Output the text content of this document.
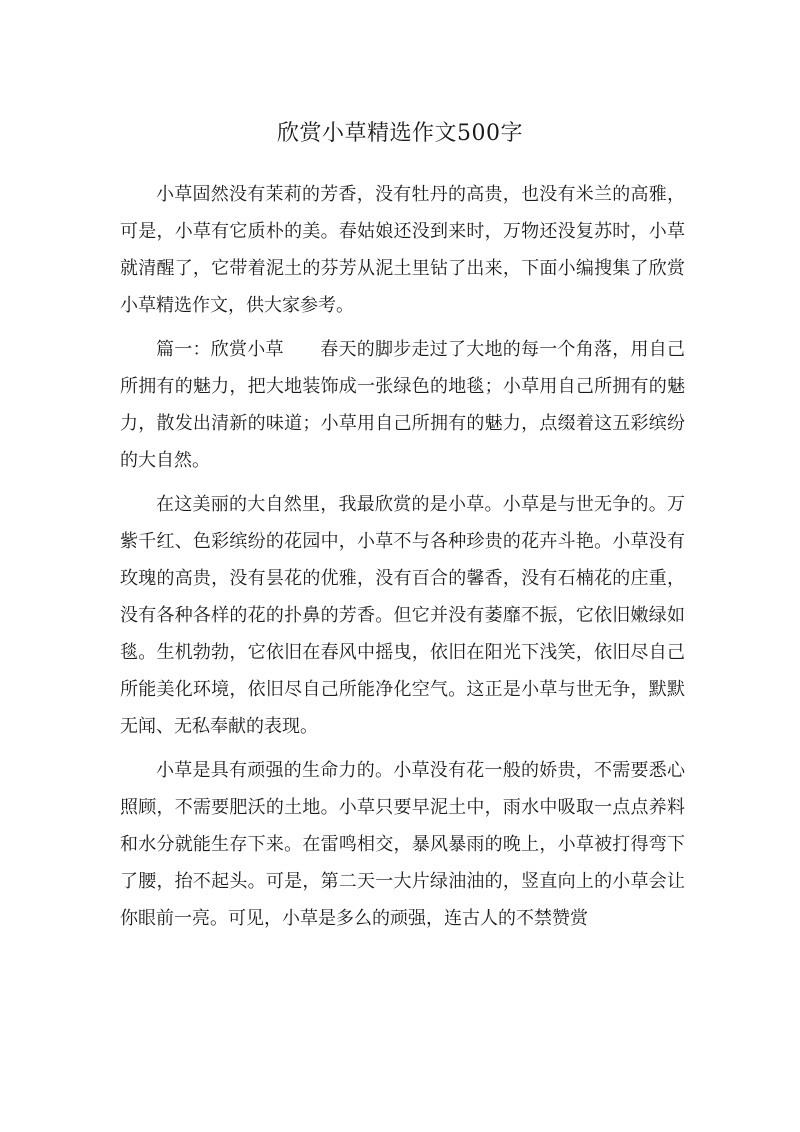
欣赏小草精选作文500字

小草固然没有茉莉的芳香，没有牡丹的高贵，也没有米兰的高雅，可是，小草有它质朴的美。春姑娘还没到来时，万物还没复苏时，小草就清醒了，它带着泥土的芬芳从泥土里钻了出来，下面小编搜集了欣赏小草精选作文，供大家参考。

篇一：欣赏小草　　春天的脚步走过了大地的每一个角落，用自己所拥有的魅力，把大地装饰成一张绿色的地毯；小草用自己所拥有的魅力，散发出清新的味道；小草用自己所拥有的魅力，点缀着这五彩缤纷的大自然。

在这美丽的大自然里，我最欣赏的是小草。小草是与世无争的。万紫千红、色彩缤纷的花园中，小草不与各种珍贵的花卉斗艳。小草没有玫瑰的高贵，没有昙花的优雅，没有百合的馨香，没有石楠花的庄重，没有各种各样的花的扑鼻的芳香。但它并没有萎靡不振，它依旧嫩绿如毯。生机勃勃，它依旧在春风中摇曳，依旧在阳光下浅笑，依旧尽自己所能美化环境，依旧尽自己所能净化空气。这正是小草与世无争，默默无闻、无私奉献的表现。

小草是具有顽强的生命力的。小草没有花一般的娇贵，不需要悉心照顾，不需要肥沃的土地。小草只要早泥土中，雨水中吸取一点点养料和水分就能生存下来。在雷鸣相交，暴风暴雨的晚上，小草被打得弯下了腰，抬不起头。可是，第二天一大片绿油油的，竖直向上的小草会让你眼前一亮。可见，小草是多么的顽强，连古人的不禁赞赏
